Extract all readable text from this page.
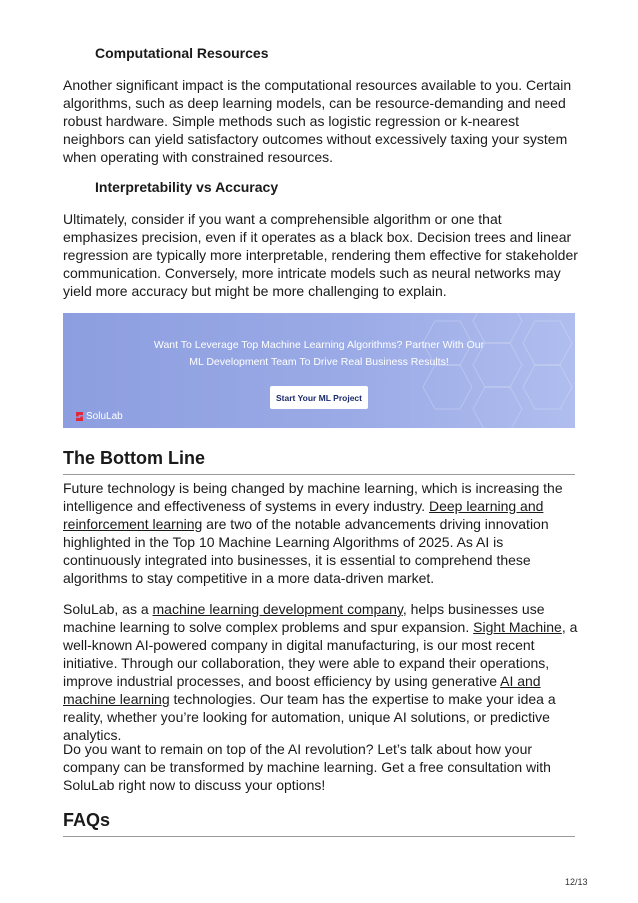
Computational Resources

Another significant impact is the computational resources available to you. Certain algorithms, such as deep learning models, can be resource-demanding and need robust hardware. Simple methods such as logistic regression or k-nearest neighbors can yield satisfactory outcomes without excessively taxing your system when operating with constrained resources.

Interpretability vs Accuracy

Ultimately, consider if you want a comprehensible algorithm or one that emphasizes precision, even if it operates as a black box. Decision trees and linear regression are typically more interpretable, rendering them effective for stakeholder communication. Conversely, more intricate models such as neural networks may yield more accuracy but might be more challenging to explain.

Want To Leverage Top Machine Learning Algorithms? Partner With Our
ML Development Team To Drive Real Business Results!
Start Your ML Project
SoluLab
The Bottom Line

Future technology is being changed by machine learning, which is increasing the intelligence and effectiveness of systems in every industry. Deep learning and reinforcement learning are two of the notable advancements driving innovation highlighted in the Top 10 Machine Learning Algorithms of 2025. As AI is continuously integrated into businesses, it is essential to comprehend these algorithms to stay competitive in a more data-driven market.

SoluLab, as a machine learning development company, helps businesses use machine learning to solve complex problems and spur expansion. Sight Machine, a well-known AI-powered company in digital manufacturing, is our most recent initiative. Through our collaboration, they were able to expand their operations, improve industrial processes, and boost efficiency by using generative AI and machine learning technologies. Our team has the expertise to make your idea a reality, whether you’re looking for automation, unique AI solutions, or predictive analytics.

Do you want to remain on top of the AI revolution? Let’s talk about how your company can be transformed by machine learning. Get a free consultation with SoluLab right now to discuss your options!

FAQs
12/13
